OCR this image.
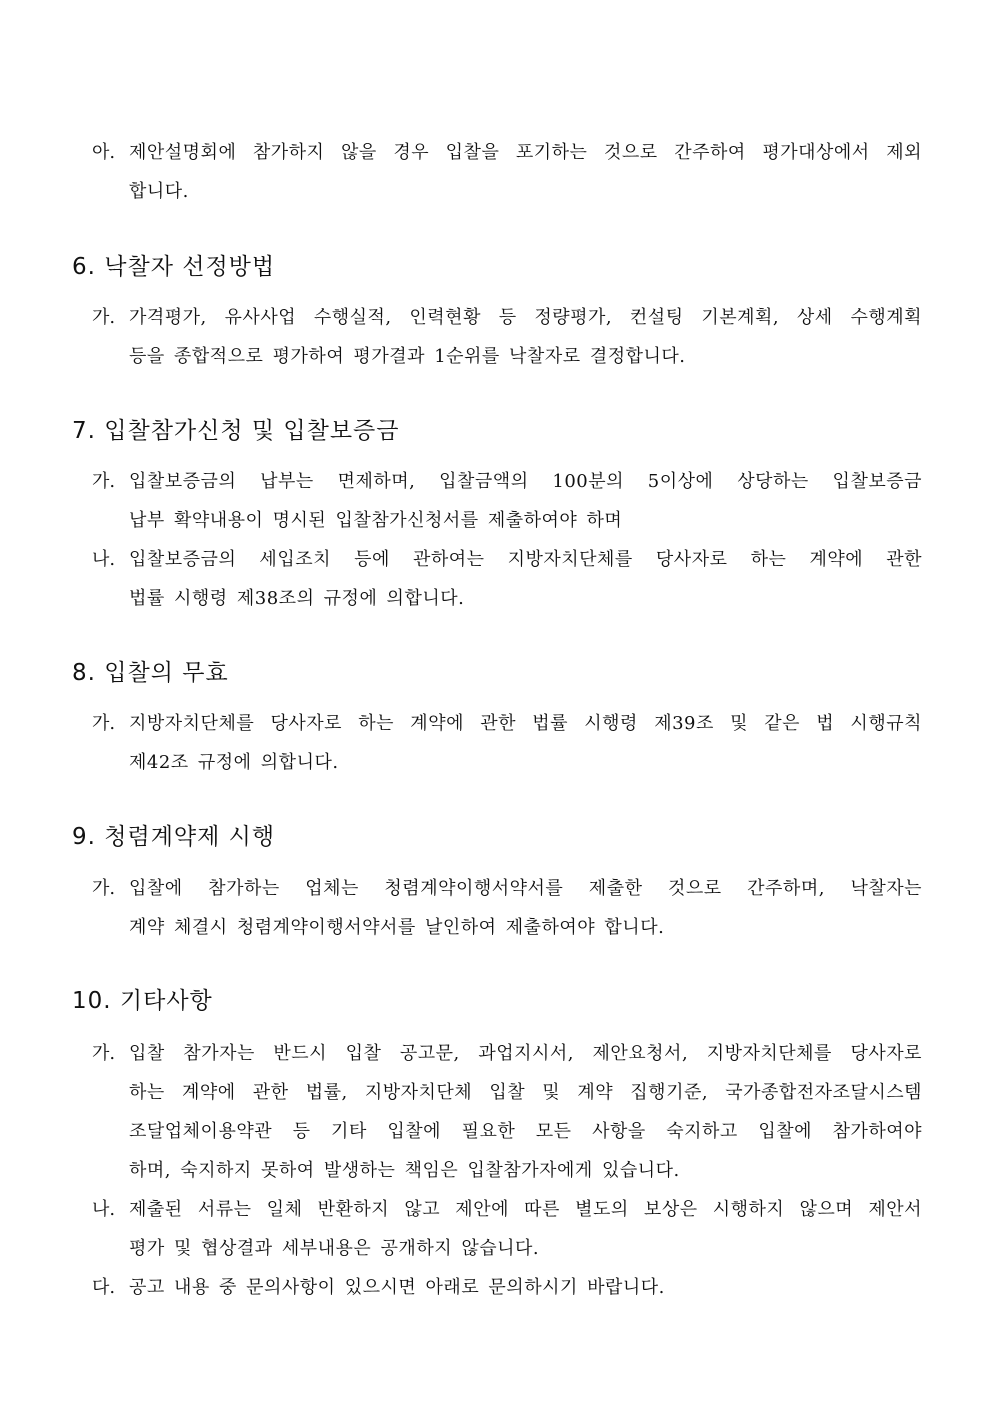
아. 제안설명회에 참가하지 않을 경우 입찰을 포기하는 것으로 간주하여 평가대상에서 제외
합니다.
6. 낙찰자 선정방법
가. 가격평가, 유사사업 수행실적, 인력현황 등 정량평가, 컨설팅 기본계획, 상세 수행계획
등을 종합적으로 평가하여 평가결과 1순위를 낙찰자로 결정합니다.
7. 입찰참가신청 및 입찰보증금
가. 입찰보증금의 납부는 면제하며, 입찰금액의 100분의 5이상에 상당하는 입찰보증금
납부 확약내용이 명시된 입찰참가신청서를 제출하여야 하며
나. 입찰보증금의 세입조치 등에 관하여는 지방자치단체를 당사자로 하는 계약에 관한
법률 시행령 제38조의 규정에 의합니다.
8. 입찰의 무효
가. 지방자치단체를 당사자로 하는 계약에 관한 법률 시행령 제39조 및 같은 법 시행규칙
제42조 규정에 의합니다.
9. 청렴계약제 시행
가. 입찰에 참가하는 업체는 청렴계약이행서약서를 제출한 것으로 간주하며, 낙찰자는
계약 체결시 청렴계약이행서약서를 날인하여 제출하여야 합니다.
10. 기타사항
가. 입찰 참가자는 반드시 입찰 공고문, 과업지시서, 제안요청서, 지방자치단체를 당사자로
하는 계약에 관한 법률, 지방자치단체 입찰 및 계약 집행기준, 국가종합전자조달시스템
조달업체이용약관 등 기타 입찰에 필요한 모든 사항을 숙지하고 입찰에 참가하여야
하며, 숙지하지 못하여 발생하는 책임은 입찰참가자에게 있습니다.
나. 제출된 서류는 일체 반환하지 않고 제안에 따른 별도의 보상은 시행하지 않으며 제안서
평가 및 협상결과 세부내용은 공개하지 않습니다.
다. 공고 내용 중 문의사항이 있으시면 아래로 문의하시기 바랍니다.
